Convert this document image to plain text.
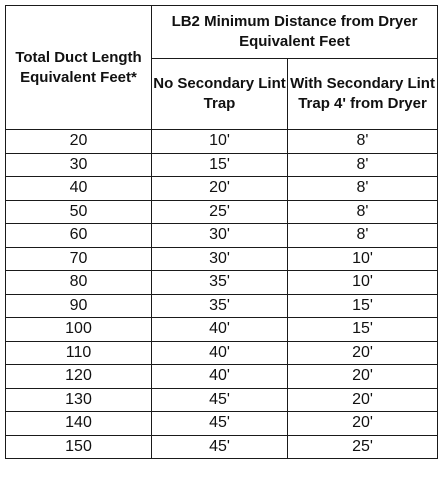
Total Duct Length Equivalent Feet*	LB2 Minimum Distance from Dryer Equivalent Feet	
	No Secondary Lint Trap	With Secondary Lint Trap 4' from Dryer
20	10'	8'
30	15'	8'
40	20'	8'
50	25'	8'
60	30'	8'
70	30'	10'
80	35'	10'
90	35'	15'
100	40'	15'
110	40'	20'
120	40'	20'
130	45'	20'
140	45'	20'
150	45'	25'
